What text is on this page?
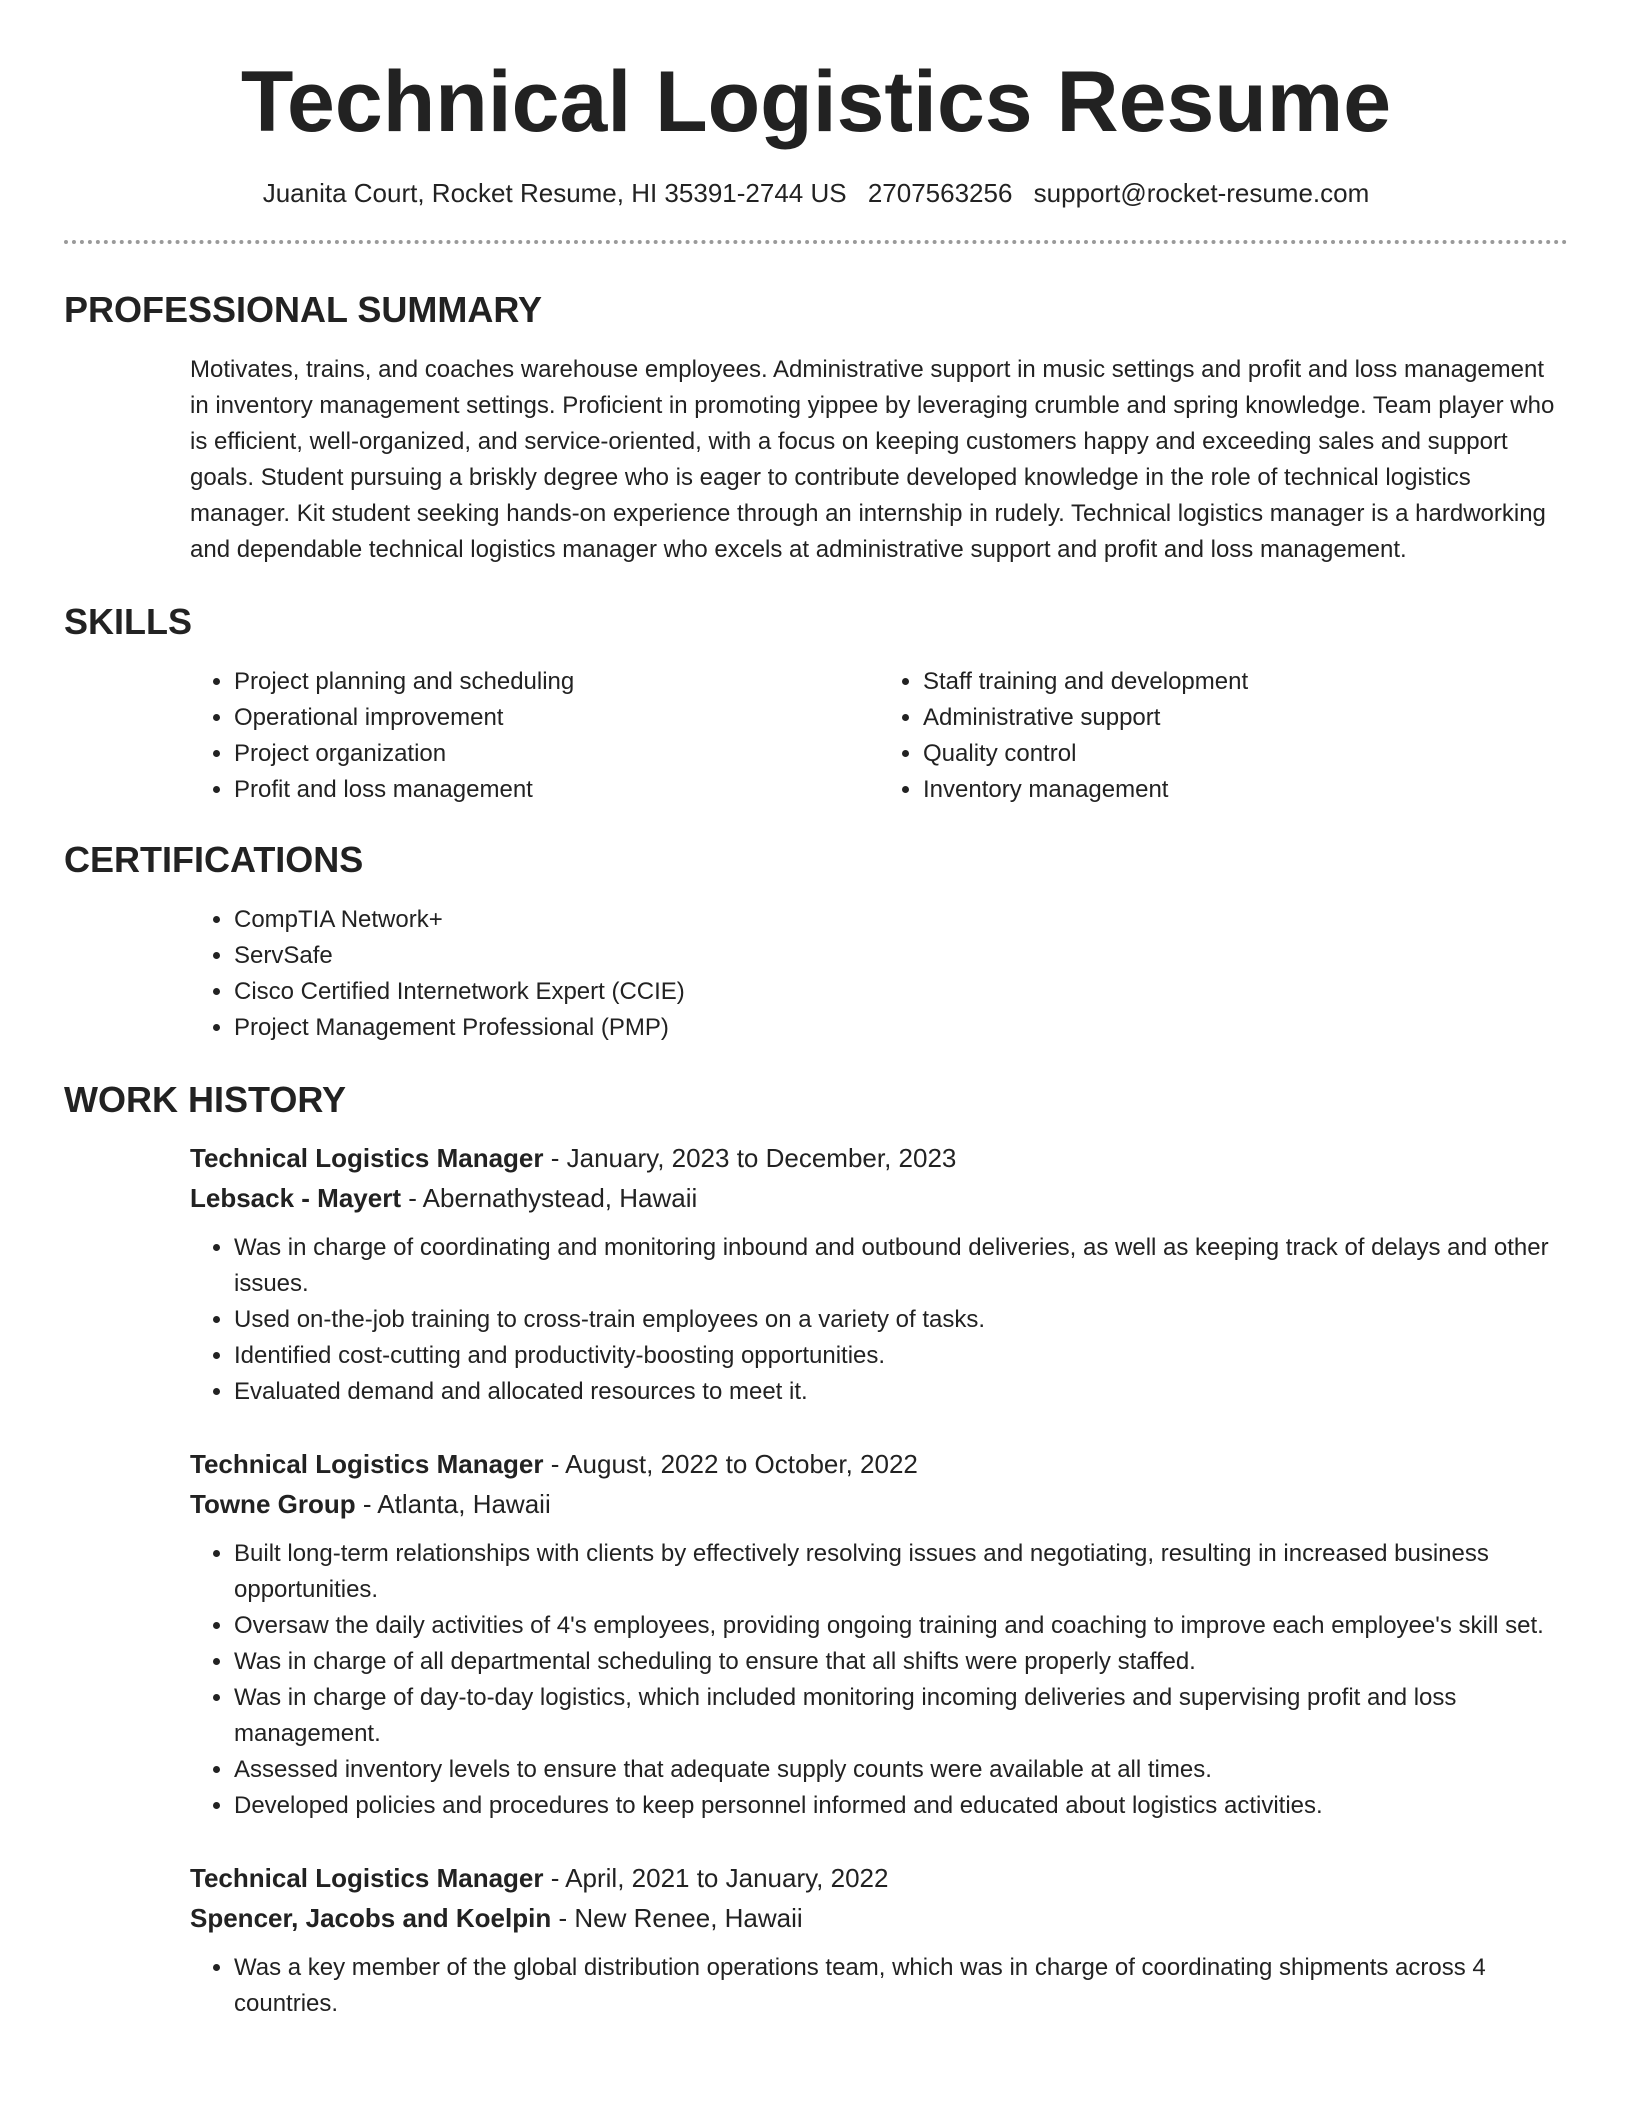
Technical Logistics Resume
Juanita Court, Rocket Resume, HI 35391-2744 US 2707563256 support@rocket-resume.com
PROFESSIONAL SUMMARY
Motivates, trains, and coaches warehouse employees. Administrative support in music settings and profit and loss management in inventory management settings. Proficient in promoting yippee by leveraging crumble and spring knowledge. Team player who is efficient, well-organized, and service-oriented, with a focus on keeping customers happy and exceeding sales and support goals. Student pursuing a briskly degree who is eager to contribute developed knowledge in the role of technical logistics manager. Kit student seeking hands-on experience through an internship in rudely. Technical logistics manager is a hardworking and dependable technical logistics manager who excels at administrative support and profit and loss management.
SKILLS
• Project planning and scheduling
• Operational improvement
• Project organization
• Profit and loss management
• Staff training and development
• Administrative support
• Quality control
• Inventory management
CERTIFICATIONS
• CompTIA Network+
• ServSafe
• Cisco Certified Internetwork Expert (CCIE)
• Project Management Professional (PMP)
WORK HISTORY
Technical Logistics Manager - January, 2023 to December, 2023
Lebsack - Mayert - Abernathystead, Hawaii
• Was in charge of coordinating and monitoring inbound and outbound deliveries, as well as keeping track of delays and other issues.
• Used on-the-job training to cross-train employees on a variety of tasks.
• Identified cost-cutting and productivity-boosting opportunities.
• Evaluated demand and allocated resources to meet it.
Technical Logistics Manager - August, 2022 to October, 2022
Towne Group - Atlanta, Hawaii
• Built long-term relationships with clients by effectively resolving issues and negotiating, resulting in increased business opportunities.
• Oversaw the daily activities of 4's employees, providing ongoing training and coaching to improve each employee's skill set.
• Was in charge of all departmental scheduling to ensure that all shifts were properly staffed.
• Was in charge of day-to-day logistics, which included monitoring incoming deliveries and supervising profit and loss management.
• Assessed inventory levels to ensure that adequate supply counts were available at all times.
• Developed policies and procedures to keep personnel informed and educated about logistics activities.
Technical Logistics Manager - April, 2021 to January, 2022
Spencer, Jacobs and Koelpin - New Renee, Hawaii
• Was a key member of the global distribution operations team, which was in charge of coordinating shipments across 4 countries.
